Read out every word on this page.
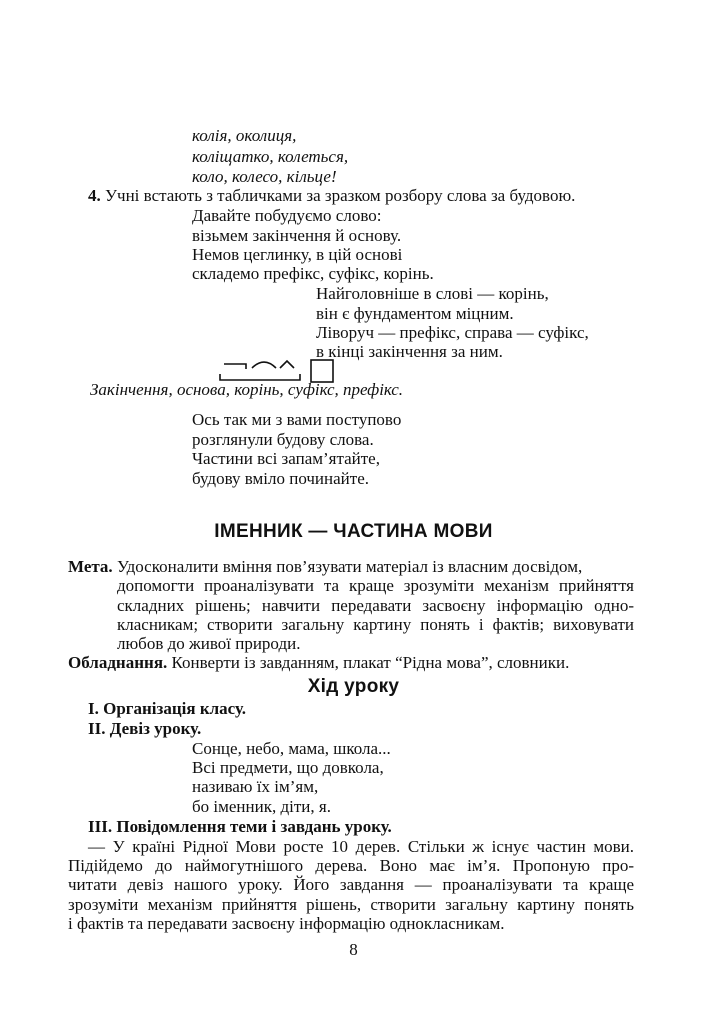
колія, околиця,
коліщатко, колеться,
коло, колесо, кільце!
4. Учні встають з табличками за зразком розбору слова за будовою.
Давайте побудуємо слово:
візьмем закінчення й основу.
Немов цеглинку, в цій основі
складемо префікс, суфікс, корінь.
Найголовніше в слові — корінь,
він є фундаментом міцним.
Ліворуч — префікс, справа — суфікс,
в кінці закінчення за ним.
Закінчення, основа, корінь, суфікс, префікс.
Ось так ми з вами поступово
розглянули будову слова.
Частини всі запам’ятайте,
будову вміло починайте.
ІМЕННИК — ЧАСТИНА МОВИ
Мета. Удосконалити вміння пов’язувати матеріал із власним досвідом,
допомогти проаналізувати та краще зрозуміти механізм прийняття
складних рішень; навчити передавати засвоєну інформацію одно-
класникам; створити загальну картину понять і фактів; виховувати
любов до живої природи.
Обладнання. Конверти із завданням, плакат “Рідна мова”, словники.
Хід уроку
I. Організація класу.
II. Девіз уроку.
Сонце, небо, мама, школа...
Всі предмети, що довкола,
називаю їх ім’ям,
бо іменник, діти, я.
III. Повідомлення теми і завдань уроку.
— У країні Рідної Мови росте 10 дерев. Стільки ж існує частин мови.
Підійдемо до наймогутнішого дерева. Воно має ім’я. Пропоную про-
читати девіз нашого уроку. Його завдання — проаналізувати та краще
зрозуміти механізм прийняття рішень, створити загальну картину понять
і фактів та передавати засвоєну інформацію однокласникам.
8
